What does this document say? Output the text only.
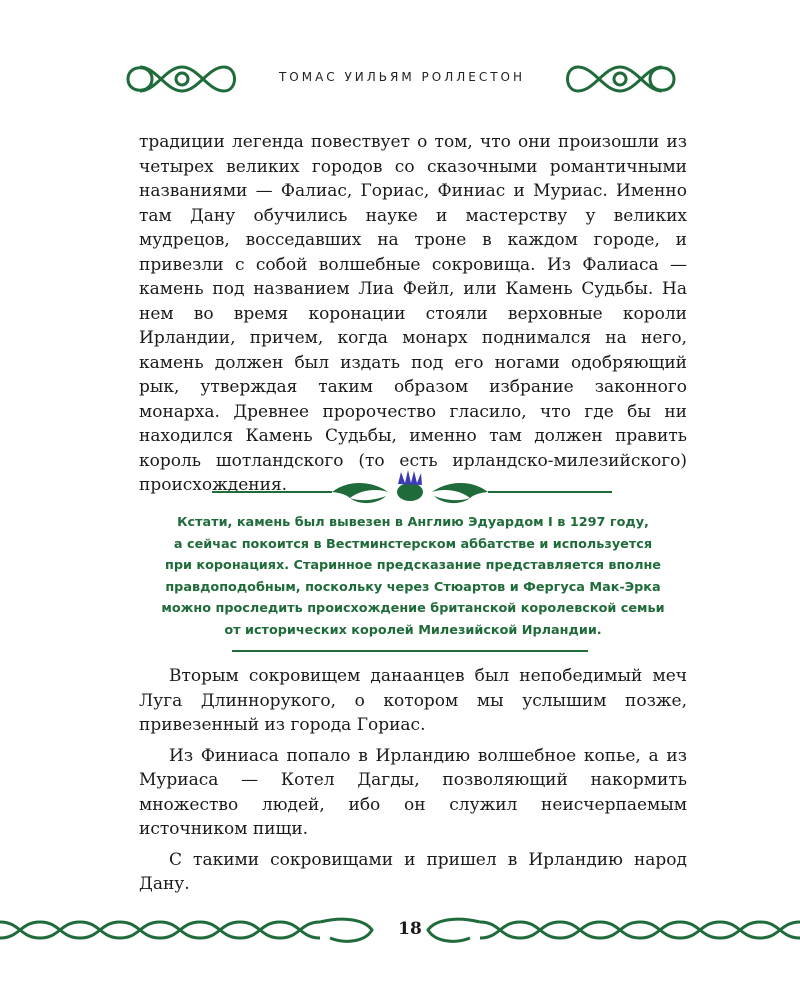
ТОМАС УИЛЬЯМ РОЛЛЕСТОН

традиции легенда повествует о том, что они произошли из четырех великих городов со сказочными романтичными названиями — Фалиас, Гориас, Финиас и Муриас. Именно там Дану обучились науке и мастерству у великих мудрецов, восседавших на троне в каждом городе, и привезли с собой волшебные сокровища. Из Фалиаса — камень под названием Лиа Фейл, или Камень Судьбы. На нем во время коронации стояли верховные короли Ирландии, причем, когда монарх поднимался на него, камень должен был издать под его ногами одобряющий рык, утверждая таким образом избрание законного монарха. Древнее пророчество гласило, что где бы ни находился Камень Судьбы, именно там должен править король шотландского (то есть ирландско-милезийского) происхождения.

Кстати, камень был вывезен в Англию Эдуардом I в 1297 году,
а сейчас покоится в Вестминстерском аббатстве и используется
при коронациях. Старинное предсказание представляется вполне
правдоподобным, поскольку через Стюартов и Фергуса Мак-Эрка
можно проследить происхождение британской королевской семьи
от исторических королей Милезийской Ирландии.

Вторым сокровищем данаанцев был непобедимый меч Луга Длиннорукого, о котором мы услышим позже, привезенный из города Гориас.

Из Финиаса попало в Ирландию волшебное копье, а из Муриаса — Котел Дагды, позволяющий накормить множество людей, ибо он служил неисчерпаемым источником пищи.

С такими сокровищами и пришел в Ирландию народ Дану.

18
